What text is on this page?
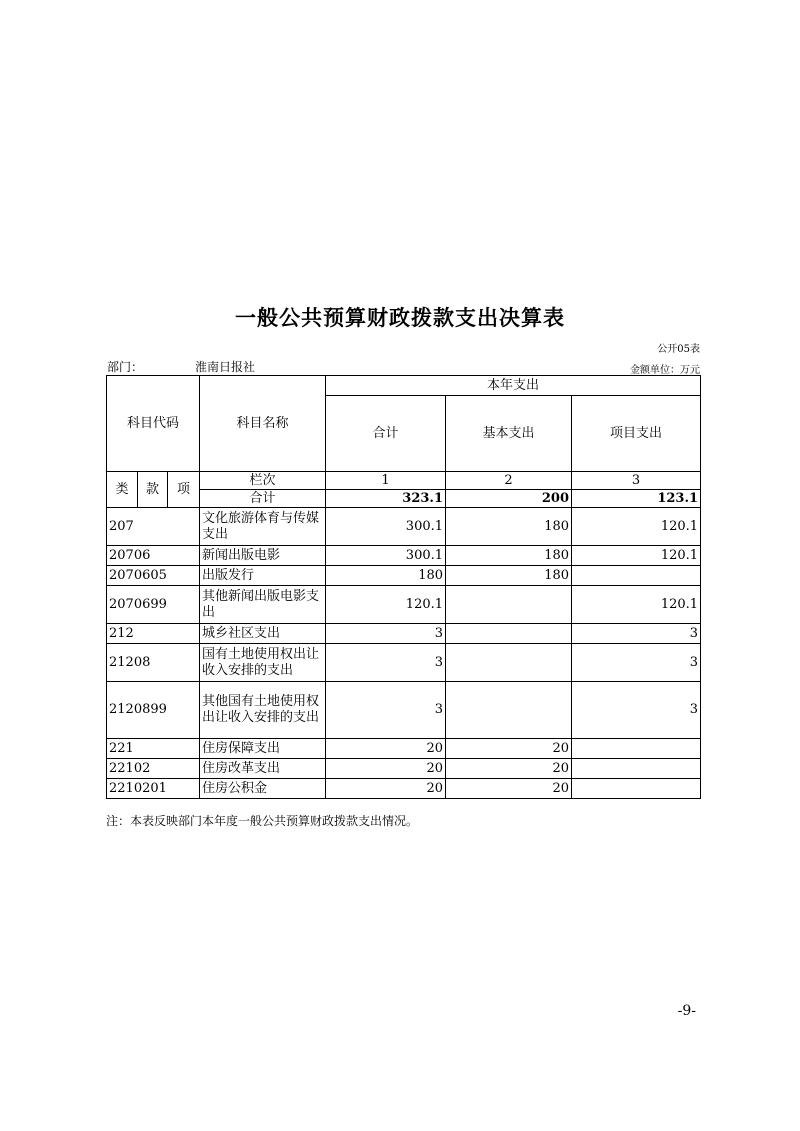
一般公共预算财政拨款支出决算表
公开05表
部门：	淮南日报社	金额单位：万元
科目代码			科目名称	本年支出		
				合计	基本支出	项目支出
类	款	项	栏次	1	2	3
			合计	323.1	200	123.1
207			文化旅游体育与传媒支出	300.1	180	120.1
20706			新闻出版电影	300.1	180	120.1
2070605			出版发行	180	180	
2070699			其他新闻出版电影支出	120.1		120.1
212			城乡社区支出	3		3
21208			国有土地使用权出让收入安排的支出	3		3
2120899			其他国有土地使用权出让收入安排的支出	3		3
221			住房保障支出	20	20	
22102			住房改革支出	20	20	
2210201			住房公积金	20	20	
注：本表反映部门本年度一般公共预算财政拨款支出情况。
-9-
